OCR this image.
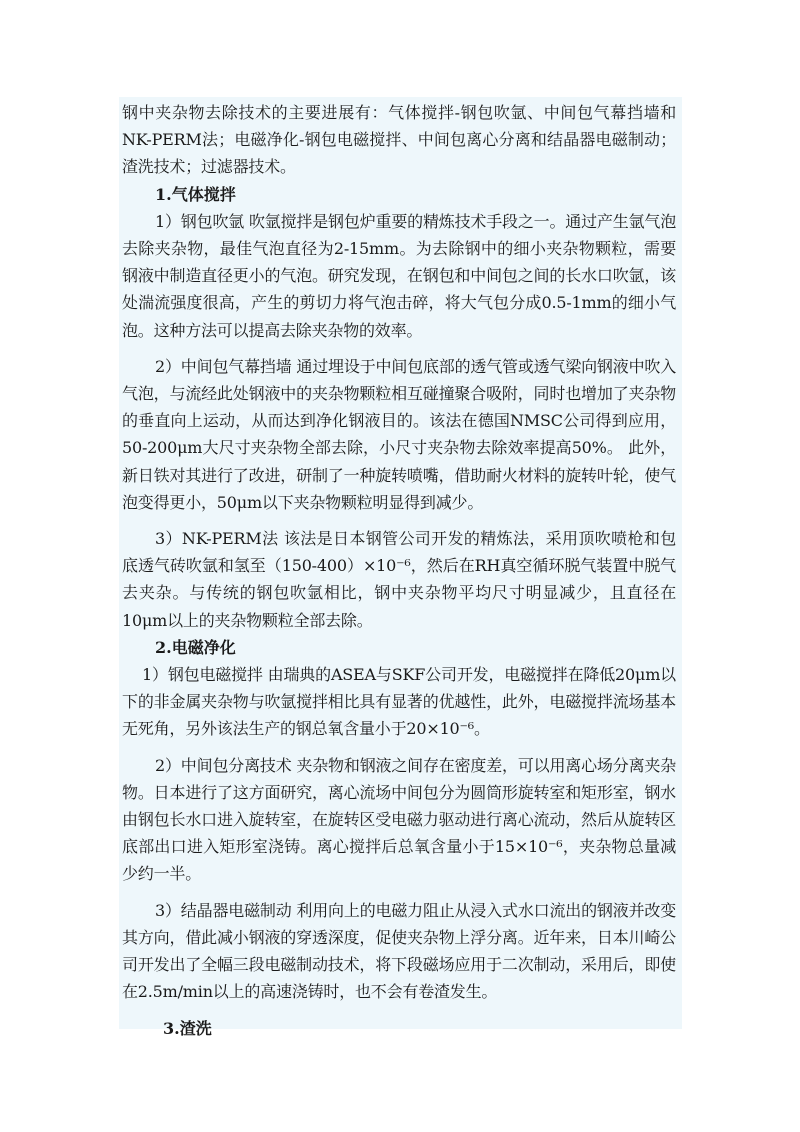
钢中夹杂物去除技术的主要进展有：气体搅拌-钢包吹氩、中间包气幕挡墙和NK-PERM法；电磁净化-钢包电磁搅拌、中间包离心分离和结晶器电磁制动；渣洗技术；过滤器技术。

1.气体搅拌

1）钢包吹氩 吹氩搅拌是钢包炉重要的精炼技术手段之一。通过产生氩气泡去除夹杂物，最佳气泡直径为2-15mm。为去除钢中的细小夹杂物颗粒，需要钢液中制造直径更小的气泡。研究发现，在钢包和中间包之间的长水口吹氩，该处湍流强度很高，产生的剪切力将气泡击碎，将大气包分成0.5-1mm的细小气泡。这种方法可以提高去除夹杂物的效率。

2）中间包气幕挡墙 通过埋设于中间包底部的透气管或透气梁向钢液中吹入气泡，与流经此处钢液中的夹杂物颗粒相互碰撞聚合吸附，同时也增加了夹杂物的垂直向上运动，从而达到净化钢液目的。该法在德国NMSC公司得到应用，50-200μm大尺寸夹杂物全部去除，小尺寸夹杂物去除效率提高50%。 此外，新日铁对其进行了改进，研制了一种旋转喷嘴，借助耐火材料的旋转叶轮，使气泡变得更小，50μm以下夹杂物颗粒明显得到减少。

3）NK-PERM法 该法是日本钢管公司开发的精炼法，采用顶吹喷枪和包底透气砖吹氩和氢至（150-400）×10⁻⁶，然后在RH真空循环脱气装置中脱气去夹杂。与传统的钢包吹氩相比，钢中夹杂物平均尺寸明显减少，且直径在10μm以上的夹杂物颗粒全部去除。

2.电磁净化

1）钢包电磁搅拌 由瑞典的ASEA与SKF公司开发，电磁搅拌在降低20μm以下的非金属夹杂物与吹氩搅拌相比具有显著的优越性，此外，电磁搅拌流场基本无死角，另外该法生产的钢总氧含量小于20×10⁻⁶。

2）中间包分离技术 夹杂物和钢液之间存在密度差，可以用离心场分离夹杂物。日本进行了这方面研究，离心流场中间包分为圆筒形旋转室和矩形室，钢水由钢包长水口进入旋转室，在旋转区受电磁力驱动进行离心流动，然后从旋转区底部出口进入矩形室浇铸。离心搅拌后总氧含量小于15×10⁻⁶，夹杂物总量减少约一半。

3）结晶器电磁制动 利用向上的电磁力阻止从浸入式水口流出的钢液并改变其方向，借此减小钢液的穿透深度，促使夹杂物上浮分离。近年来，日本川崎公司开发出了全幅三段电磁制动技术，将下段磁场应用于二次制动，采用后，即使在2.5m/min以上的高速浇铸时，也不会有卷渣发生。

3.渣洗
